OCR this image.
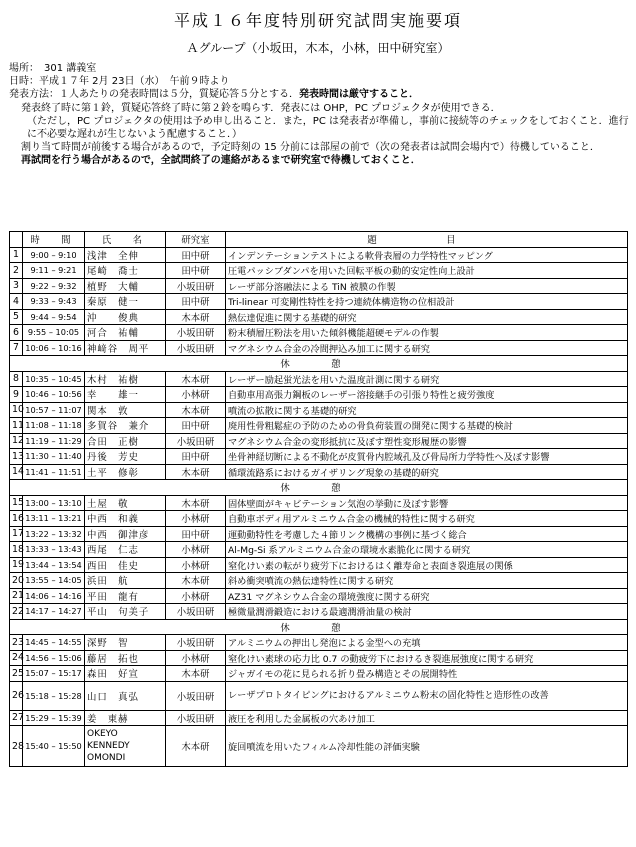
平成１６年度特別研究試問実施要項
Ａグループ（小坂田，木本，小林，田中研究室）
場所：　301 講義室
日時：平成１７年 2月 23日（水）　午前９時より
発表方法：１人あたりの発表時間は５分，質疑応答５分とする．発表時間は厳守すること．
発表終了時に第１鈴，質疑応答終了時に第２鈴を鳴らす．発表には OHP，PC プロジェクタが使用できる．
（ただし，PC プロジェクタの使用は予め申し出ること．また，PC は発表者が準備し，事前に接続等のチェックをしておくこと．進行に不必要な遅れが生じないよう配慮すること．）
割り当て時間が前後する場合があるので，予定時刻の 15 分前には部屋の前で（次の発表者は試問会場内で）待機していること．
再試問を行う場合があるので，全試問終了の連絡があるまで研究室で待機しておくこと．
	時　間	氏　名	研究室	題　目
1	9:00 – 9:10	浅津　全伸	田中研	インデンテーションテストによる軟骨表層の力学特性マッピング
2	9:11 – 9:21	尾崎　喬士	田中研	圧電パッシブダンパを用いた回転平板の動的安定性向上設計
3	9:22 – 9:32	植野　大輔	小坂田研	レーザ部分溶融法による TiN 被膜の作製
4	9:33 – 9:43	秦原　健一	田中研	Tri-linear 可変剛性特性を持つ連続体構造物の位相設計
5	9:44 – 9:54	沖　　俊典	木本研	熱伝達促進に関する基礎的研究
6	9:55 – 10:05	河合　祐輔	小坂田研	粉末積層圧粉法を用いた傾斜機能超硬モデルの作製
7	10:06 – 10:16	神﨑谷　周平	小坂田研	マグネシウム合金の冷間押込み加工に関する研究
休　憩				
8	10:35 – 10:45	木村　祐樹	木本研	レーザー励起蛍光法を用いた温度計測に関する研究
9	10:46 – 10:56	幸　　雄一	小林研	自動車用高張力鋼板のレーザー溶接継手の引張り特性と疲労強度
10	10:57 – 11:07	関本　敦	木本研	噴流の拡散に関する基礎的研究
11	11:08 – 11:18	多賀谷　兼介	田中研	廃用性骨粗鬆症の予防のための骨負荷装置の開発に関する基礎的検討
12	11:19 – 11:29	合田　正樹	小坂田研	マグネシウム合金の変形抵抗に及ぼす塑性変形履歴の影響
13	11:30 – 11:40	丹後　芳史	田中研	坐骨神経切断による不動化が皮質骨内腔域孔及び骨局所力学特性へ及ぼす影響
14	11:41 – 11:51	土平　修彰	木本研	循環流路系におけるガイザリング現象の基礎的研究
休　憩				
15	13:00 – 13:10	土屋　敬	木本研	固体壁面がキャビテーション気泡の挙動に及ぼす影響
16	13:11 – 13:21	中西　和義	小林研	自動車ボディ用アルミニウム合金の機械的特性に関する研究
17	13:22 – 13:32	中西　御津彦	田中研	運動動特性を考慮した４節リンク機構の事例に基づく総合
18	13:33 – 13:43	西尾　仁志	小林研	Al-Mg-Si 系アルミニウム合金の環境水素脆化に関する研究
19	13:44 – 13:54	西田　佳史	小林研	窒化けい素の転がり疲労下におけるはく離寿命と表面き裂進展の関係
20	13:55 – 14:05	浜田　航	木本研	斜め衝突噴流の熱伝達特性に関する研究
21	14:06 – 14:16	平田　龍有	小林研	AZ31 マグネシウム合金の環境強度に関する研究
22	14:17 – 14:27	平山　句美子	小坂田研	極微量潤滑鍛造における最適潤滑油量の検討
休　憩				
23	14:45 – 14:55	深野　智	小坂田研	アルミニウムの押出し発泡による金型への充填
24	14:56 – 15:06	藤居　拓也	小林研	窒化けい素球の応力比 0.7 の動疲労下におけるき裂進展強度に関する研究
25	15:07 – 15:17	森田　好宣	木本研	ジャガイモの花に見られる折り畳み構造とその展開特性
26	15:18 – 15:28	山口　真弘	小坂田研	レーザプロトタイピングにおけるアルミニウム粉末の固化特性と造形性の改善
27	15:29 – 15:39	姜　東赫	小坂田研	液圧を利用した金属板の穴あけ加工
28	15:40 – 15:50	OKEYO KENNEDY OMONDI	木本研	旋回噴流を用いたフィルム冷却性能の評価実験
